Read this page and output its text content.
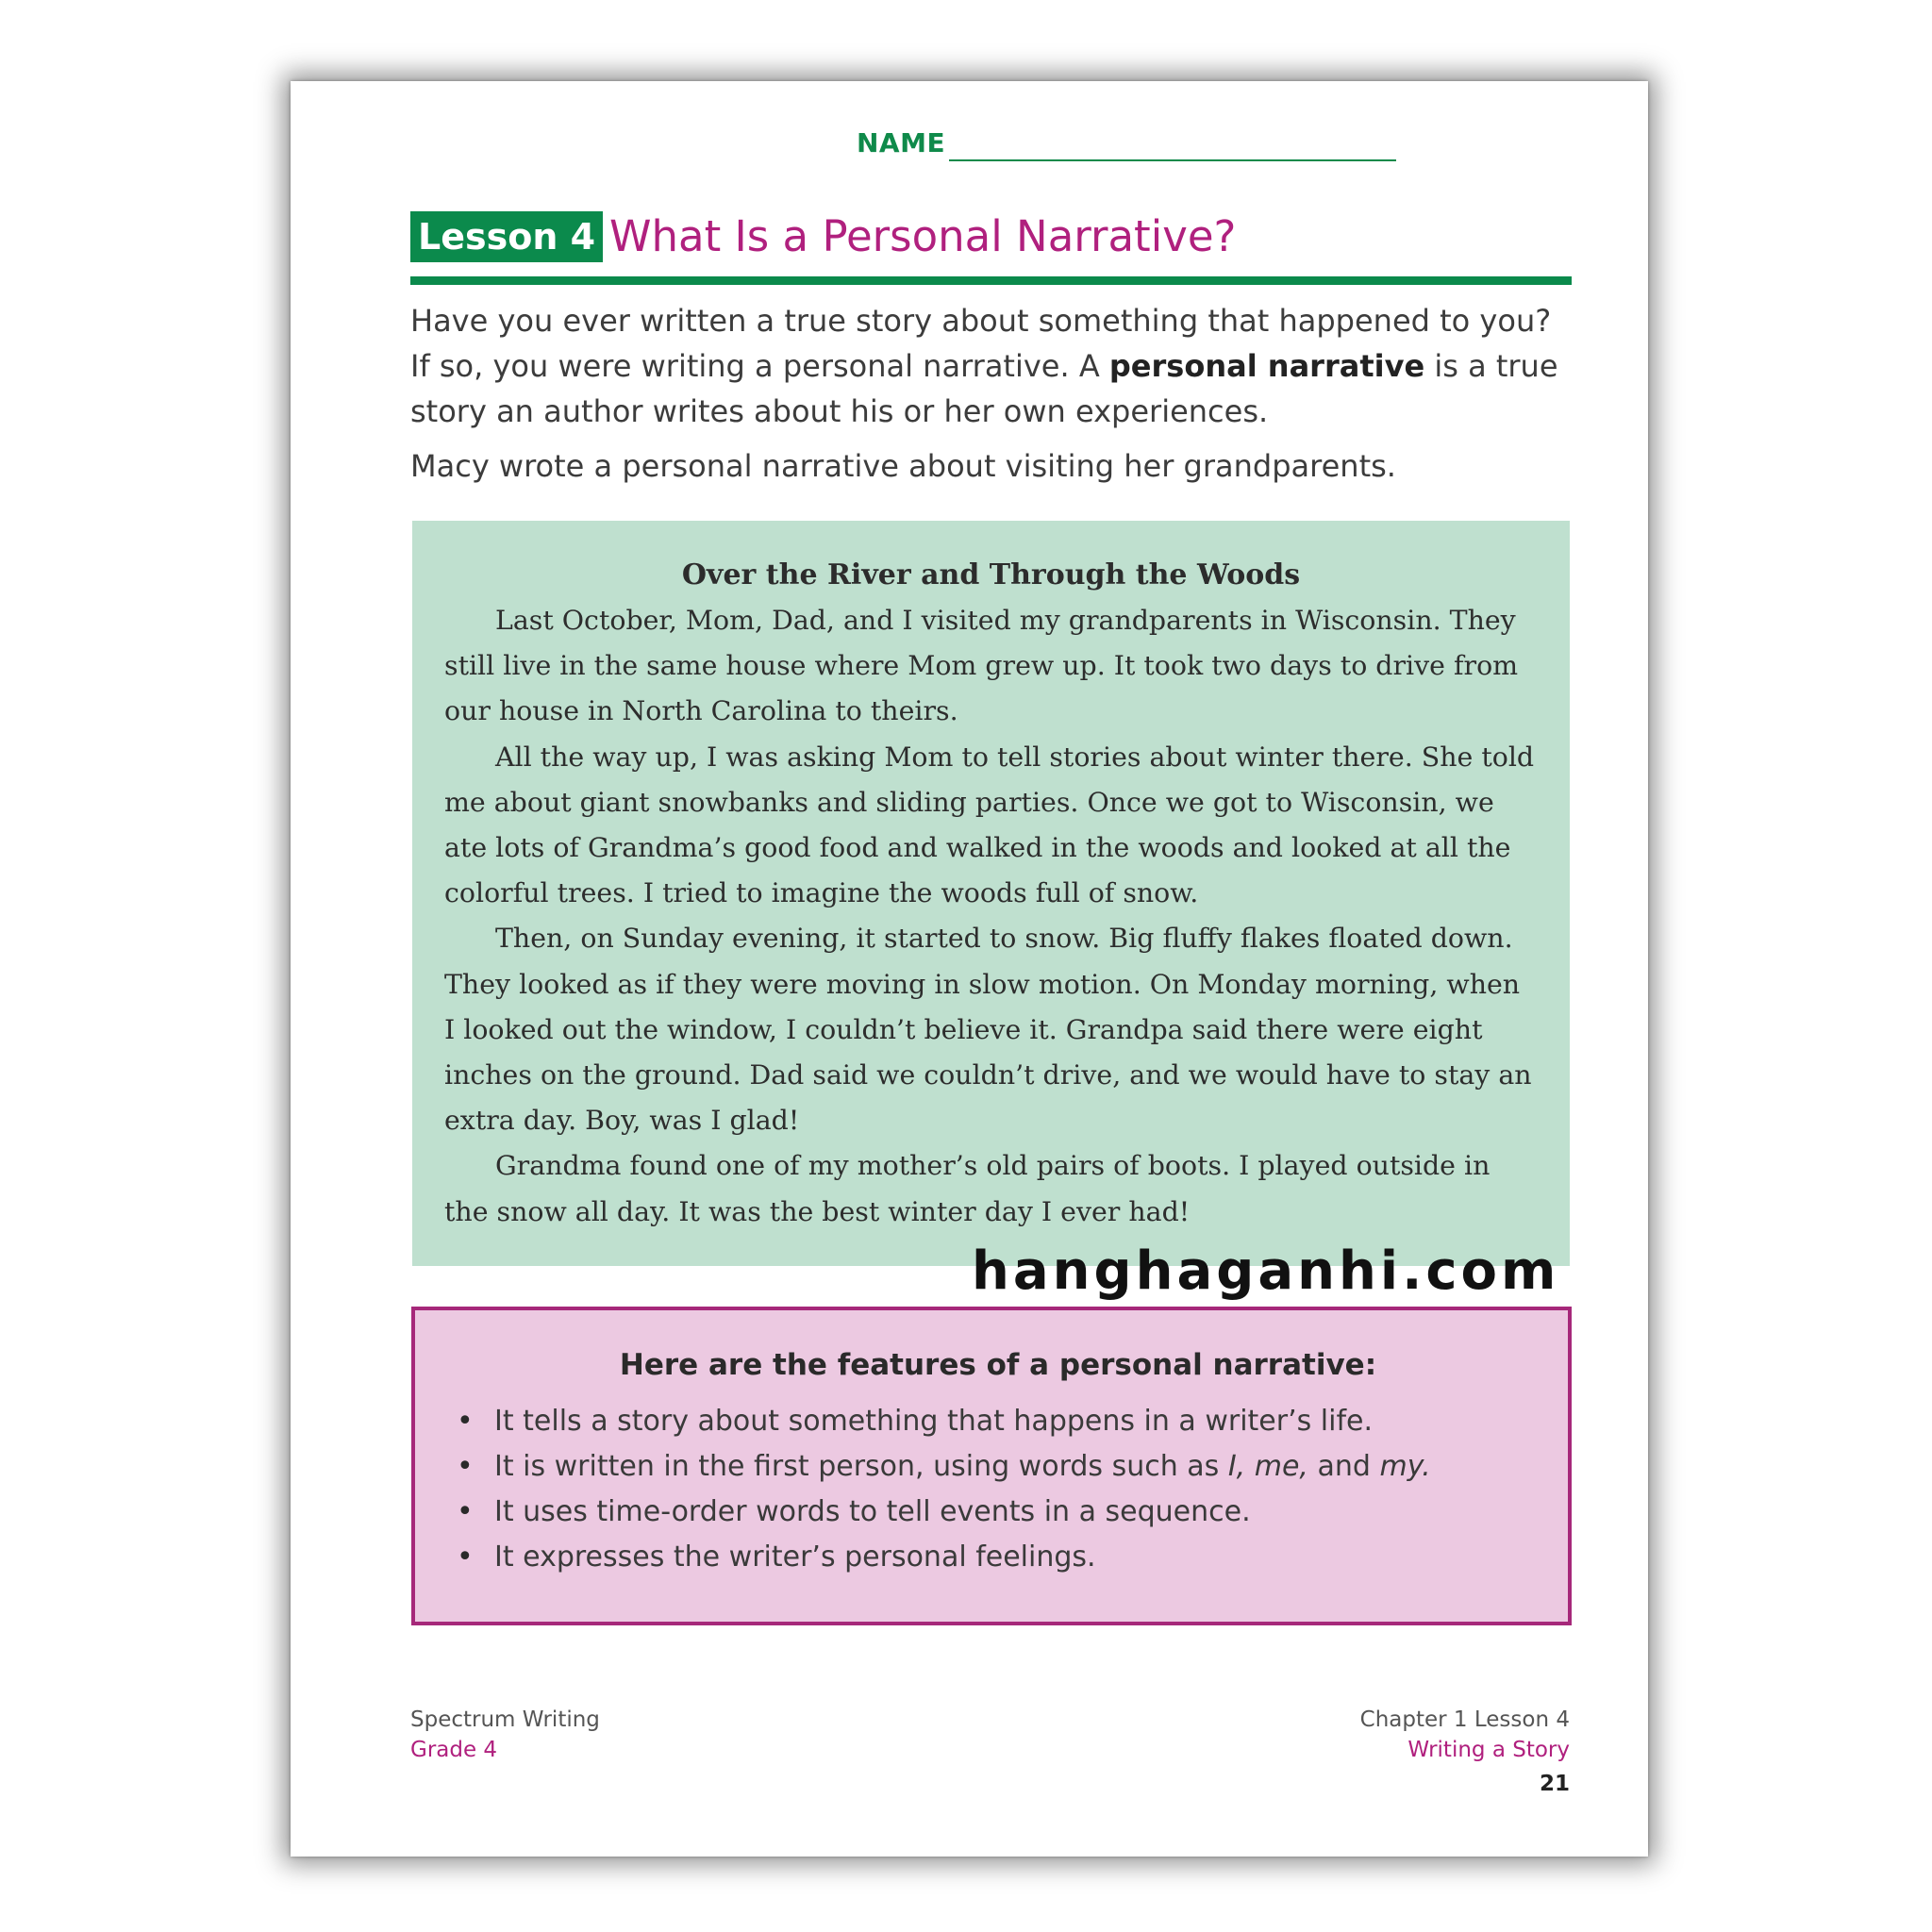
NAME
Lesson 4 What Is a Personal Narrative?

Have you ever written a true story about something that happened to you? If so, you were writing a personal narrative. A personal narrative is a true story an author writes about his or her own experiences.

Macy wrote a personal narrative about visiting her grandparents.

Over the River and Through the Woods

Last October, Mom, Dad, and I visited my grandparents in Wisconsin. They still live in the same house where Mom grew up. It took two days to drive from our house in North Carolina to theirs.

All the way up, I was asking Mom to tell stories about winter there. She told me about giant snowbanks and sliding parties. Once we got to Wisconsin, we ate lots of Grandma’s good food and walked in the woods and looked at all the colorful trees. I tried to imagine the woods full of snow.

Then, on Sunday evening, it started to snow. Big fluffy flakes floated down. They looked as if they were moving in slow motion. On Monday morning, when I looked out the window, I couldn’t believe it. Grandpa said there were eight inches on the ground. Dad said we couldn’t drive, and we would have to stay an extra day. Boy, was I glad!

Grandma found one of my mother’s old pairs of boots. I played outside in the snow all day. It was the best winter day I ever had!

Here are the features of a personal narrative:

• It tells a story about something that happens in a writer’s life.
• It is written in the first person, using words such as I, me, and my.
• It uses time-order words to tell events in a sequence.
• It expresses the writer’s personal feelings.
Spectrum Writing
Grade 4
Chapter 1 Lesson 4
Writing a Story
21
hanghaganhi.com
